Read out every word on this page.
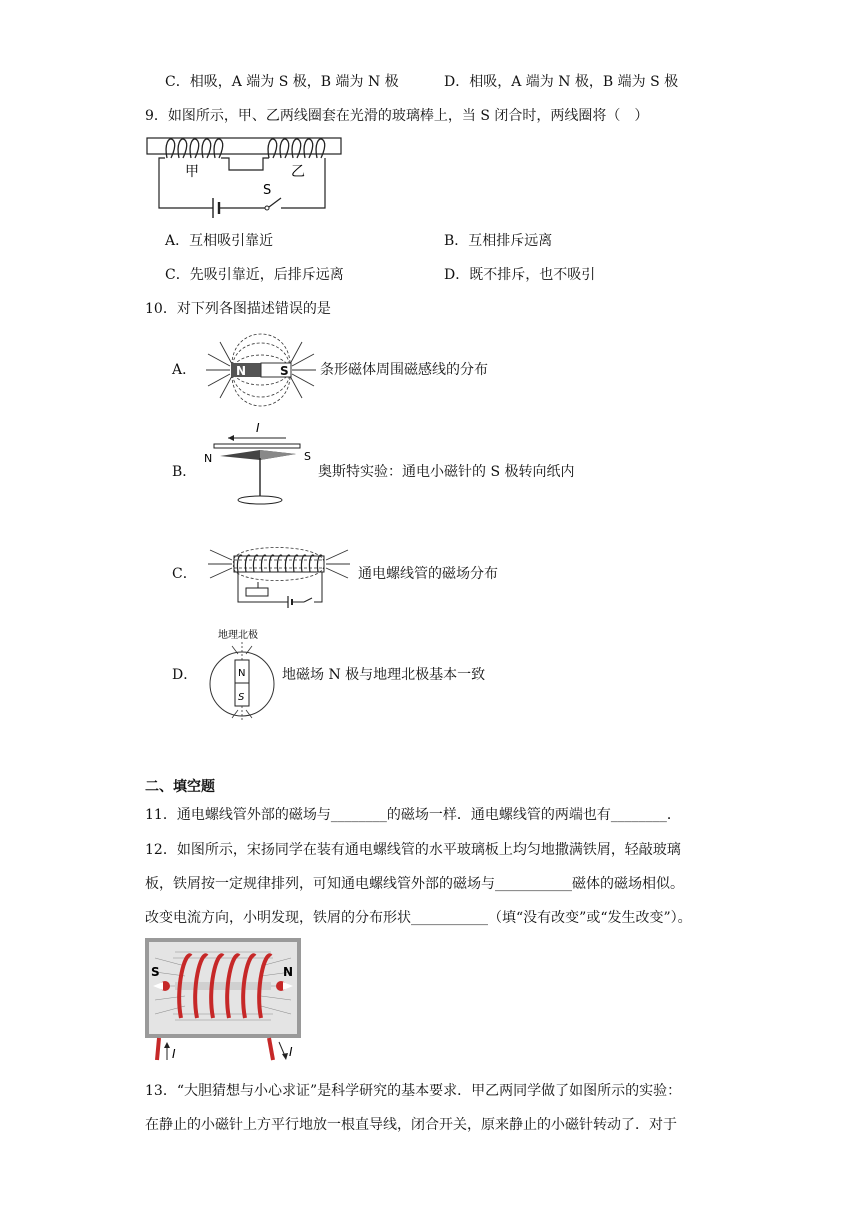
C．相吸，A 端为 S 极，B 端为 N 极	D．相吸，A 端为 N 极，B 端为 S 极
9．如图所示，甲、乙两线圈套在光滑的玻璃棒上，当 S 闭合时，两线圈将（　）
甲	乙
S
A．互相吸引靠近	B．互相排斥远离
C．先吸引靠近，后排斥远离	D．既不排斥，也不吸引
10．对下列各图描述错误的是
A．	N	S 条形磁体周围磁感线的分布
B．
I
N	S
奥斯特实验：通电小磁针的 S 极转向纸内
C．	通电螺线管的磁场分布
D．
地理北极
N
S
地磁场 N 极与地理北极基本一致
二、填空题
11．通电螺线管外部的磁场与________的磁场一样．通电螺线管的两端也有________．
12．如图所示，宋扬同学在装有通电螺线管的水平玻璃板上均匀地撒满铁屑，轻敲玻璃
板，铁屑按一定规律排列，可知通电螺线管外部的磁场与___________磁体的磁场相似。
改变电流方向，小明发现，铁屑的分布形状___________（填“没有改变”或“发生改变”）。
S	N
I	I
13．“大胆猜想与小心求证”是科学研究的基本要求．甲乙两同学做了如图所示的实验：
在静止的小磁针上方平行地放一根直导线，闭合开关，原来静止的小磁针转动了．对于
